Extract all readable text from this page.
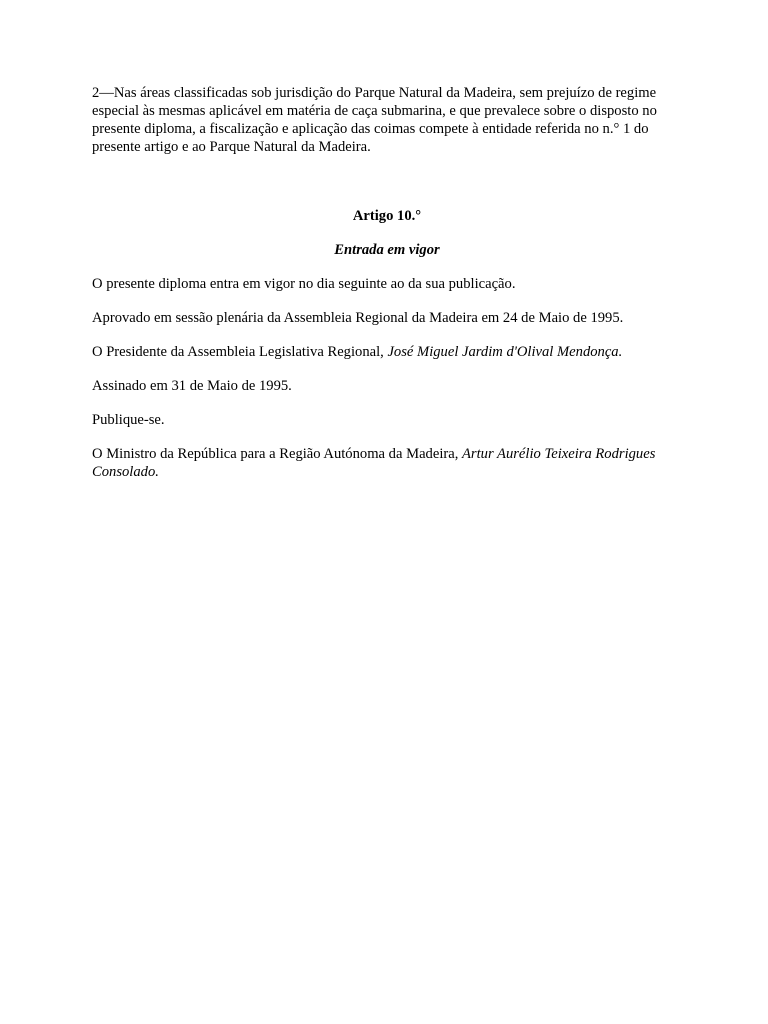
2—Nas áreas classificadas sob jurisdição do Parque Natural da Madeira, sem prejuízo de regime especial às mesmas aplicável em matéria de caça submarina, e que prevalece sobre o disposto no presente diploma, a fiscalização e aplicação das coimas compete à entidade referida no n.° 1 do presente artigo e ao Parque Natural da Madeira.

Artigo 10.°

Entrada em vigor

O presente diploma entra em vigor no dia seguinte ao da sua publicação.

Aprovado em sessão plenária da Assembleia Regional da Madeira em 24 de Maio de 1995.

O Presidente da Assembleia Legislativa Regional, José Miguel Jardim d'Olival Mendonça.

Assinado em 31 de Maio de 1995.

Publique-se.

O Ministro da República para a Região Autónoma da Madeira, Artur Aurélio Teixeira Rodrigues Consolado.
